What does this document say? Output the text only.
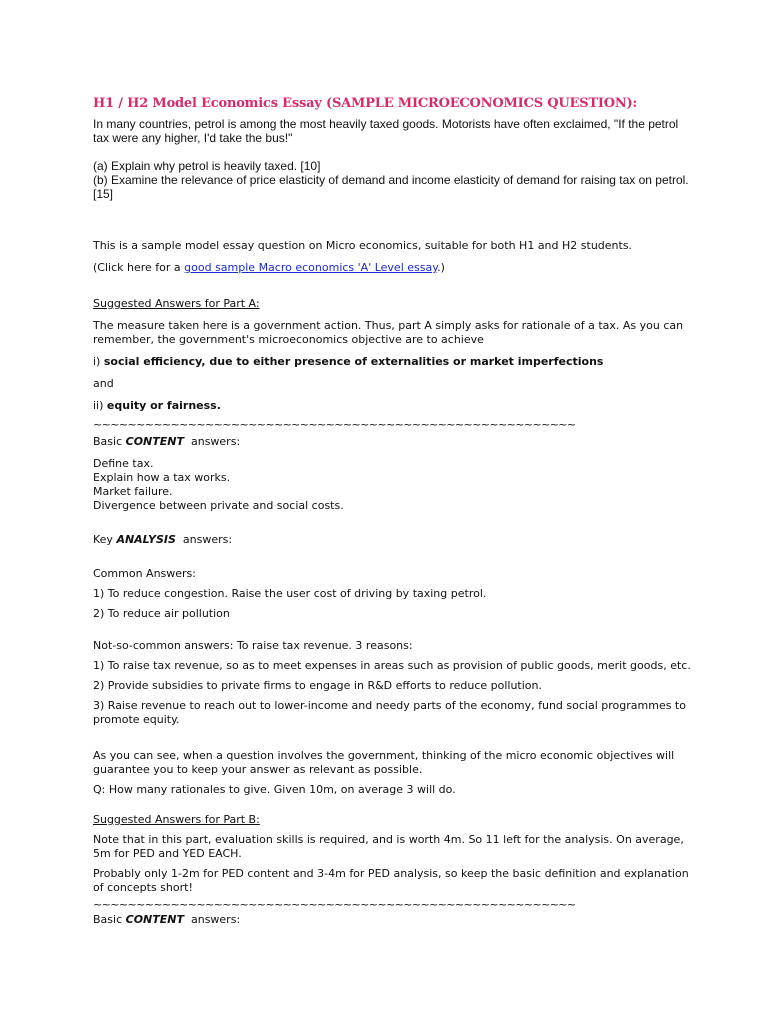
H1 / H2 Model Economics Essay (SAMPLE MICROECONOMICS QUESTION):

In many countries, petrol is among the most heavily taxed goods. Motorists have often exclaimed, "If the petrol tax were any higher, I'd take the bus!"

(a) Explain why petrol is heavily taxed. [10]

(b) Examine the relevance of price elasticity of demand and income elasticity of demand for raising tax on petrol. [15]

This is a sample model essay question on Micro economics, suitable for both H1 and H2 students.

(Click here for a good sample Macro economics 'A' Level essay.)

Suggested Answers for Part A:

The measure taken here is a government action. Thus, part A simply asks for rationale of a tax. As you can remember, the government's microeconomics objective are to achieve

i) social efficiency, due to either presence of externalities or market imperfections

and

ii) equity or fairness.

~~~~~~~~~~~~~~~~~~~~~~~~~~~~~~~~~~~~~~~~~~~~~~~~~~~~~~~~

Basic CONTENT  answers:

Define tax.

Explain how a tax works.

Market failure.

Divergence between private and social costs.

Key ANALYSIS  answers:

Common Answers:

1) To reduce congestion. Raise the user cost of driving by taxing petrol.

2) To reduce air pollution

Not-so-common answers: To raise tax revenue. 3 reasons:

1) To raise tax revenue, so as to meet expenses in areas such as provision of public goods, merit goods, etc.

2) Provide subsidies to private firms to engage in R&D efforts to reduce pollution.

3) Raise revenue to reach out to lower-income and needy parts of the economy, fund social programmes to promote equity.

As you can see, when a question involves the government, thinking of the micro economic objectives will guarantee you to keep your answer as relevant as possible.

Q: How many rationales to give. Given 10m, on average 3 will do.

Suggested Answers for Part B:

Note that in this part, evaluation skills is required, and is worth 4m. So 11 left for the analysis. On average, 5m for PED and YED EACH.

Probably only 1-2m for PED content and 3-4m for PED analysis, so keep the basic definition and explanation of concepts short!

~~~~~~~~~~~~~~~~~~~~~~~~~~~~~~~~~~~~~~~~~~~~~~~~~~~~~~~~

Basic CONTENT  answers:
